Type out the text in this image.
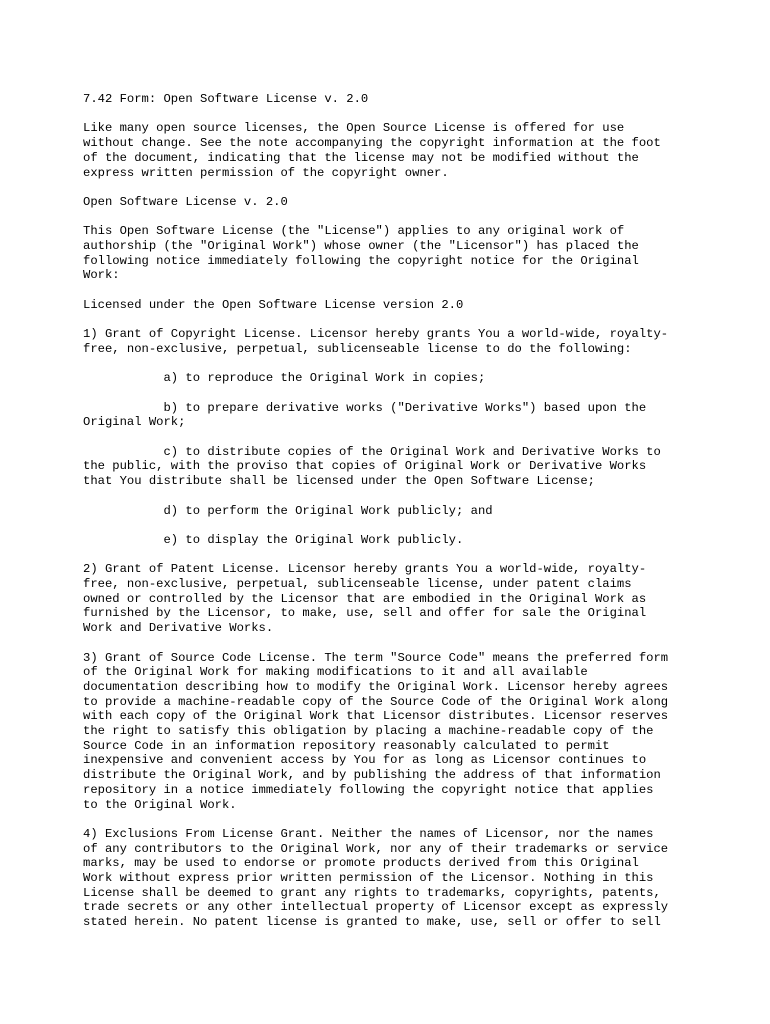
7.42 Form: Open Software License v. 2.0
Like many open source licenses, the Open Source License is offered for use
without change. See the note accompanying the copyright information at the foot
of the document, indicating that the license may not be modified without the
express written permission of the copyright owner.
Open Software License v. 2.0
This Open Software License (the "License") applies to any original work of
authorship (the "Original Work") whose owner (the "Licensor") has placed the
following notice immediately following the copyright notice for the Original
Work:
Licensed under the Open Software License version 2.0
1) Grant of Copyright License. Licensor hereby grants You a world-wide, royalty-
free, non-exclusive, perpetual, sublicenseable license to do the following:
a) to reproduce the Original Work in copies;
b) to prepare derivative works ("Derivative Works") based upon the
Original Work;
c) to distribute copies of the Original Work and Derivative Works to
the public, with the proviso that copies of Original Work or Derivative Works
that You distribute shall be licensed under the Open Software License;
d) to perform the Original Work publicly; and
e) to display the Original Work publicly.
2) Grant of Patent License. Licensor hereby grants You a world-wide, royalty-
free, non-exclusive, perpetual, sublicenseable license, under patent claims
owned or controlled by the Licensor that are embodied in the Original Work as
furnished by the Licensor, to make, use, sell and offer for sale the Original
Work and Derivative Works.
3) Grant of Source Code License. The term "Source Code" means the preferred form
of the Original Work for making modifications to it and all available
documentation describing how to modify the Original Work. Licensor hereby agrees
to provide a machine-readable copy of the Source Code of the Original Work along
with each copy of the Original Work that Licensor distributes. Licensor reserves
the right to satisfy this obligation by placing a machine-readable copy of the
Source Code in an information repository reasonably calculated to permit
inexpensive and convenient access by You for as long as Licensor continues to
distribute the Original Work, and by publishing the address of that information
repository in a notice immediately following the copyright notice that applies
to the Original Work.
4) Exclusions From License Grant. Neither the names of Licensor, nor the names
of any contributors to the Original Work, nor any of their trademarks or service
marks, may be used to endorse or promote products derived from this Original
Work without express prior written permission of the Licensor. Nothing in this
License shall be deemed to grant any rights to trademarks, copyrights, patents,
trade secrets or any other intellectual property of Licensor except as expressly
stated herein. No patent license is granted to make, use, sell or offer to sell
